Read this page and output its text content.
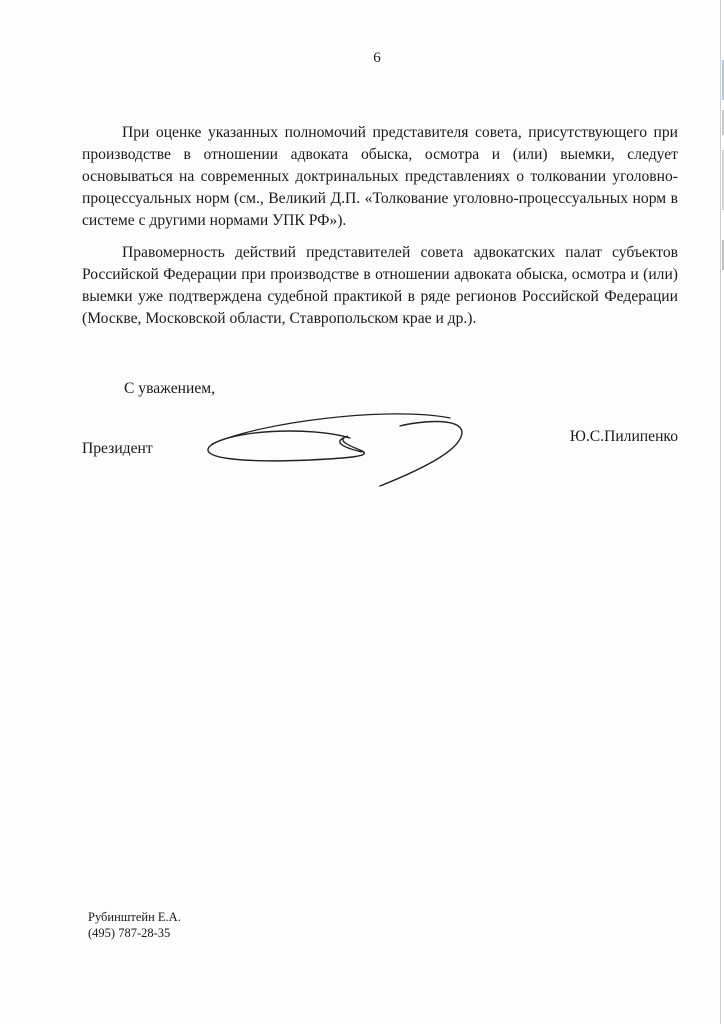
6

При оценке указанных полномочий представителя совета, присутствующего при производстве в отношении адвоката обыска, осмотра и (или) выемки, следует основываться на современных доктринальных представлениях о толковании уголовно-процессуальных норм (см., Великий Д.П. «Толкование уголовно-процессуальных норм в системе с другими нормами УПК РФ»).

Правомерность действий представителей совета адвокатских палат субъектов Российской Федерации при производстве в отношении адвоката обыска, осмотра и (или) выемки уже подтверждена судебной практикой в ряде регионов Российской Федерации (Москве, Московской области, Ставропольском крае и др.).

С уважением,
Президент
Ю.С.Пилипенко
Рубинштейн Е.А.
(495) 787-28-35
